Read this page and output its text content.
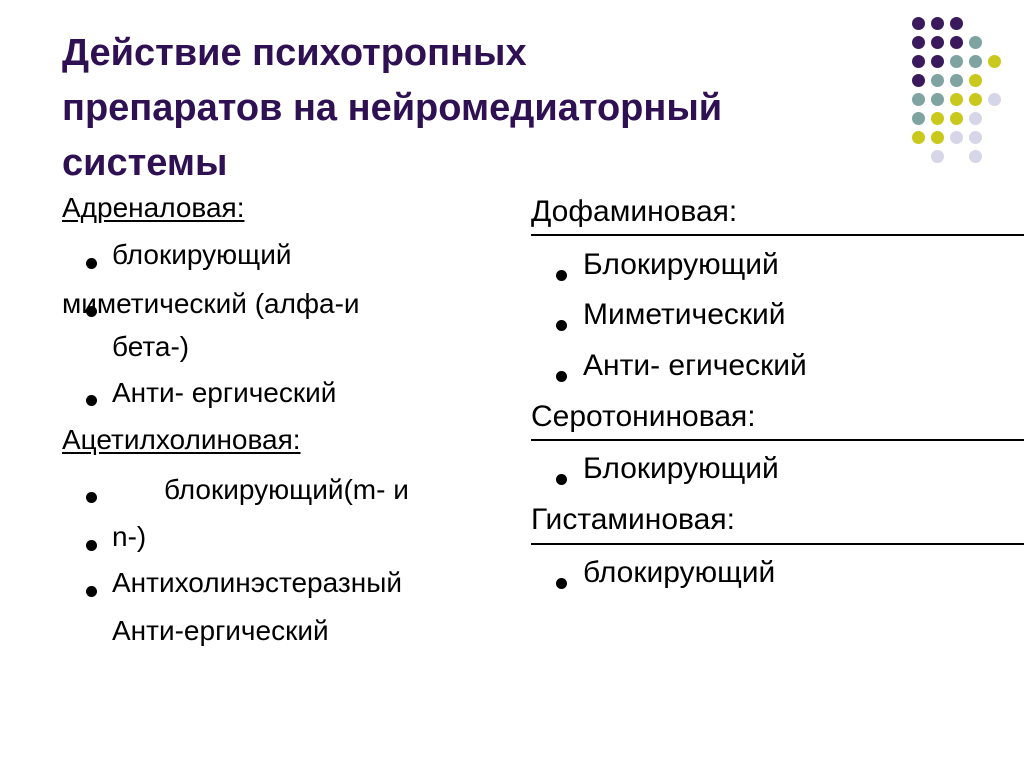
Действие психотропных
препаратов на нейромедиаторный
системы
Адреналовая:
блокирующий
миметический (алфа-и
бета-)
Анти- ергический
Ацетилхолиновая:
блокирующий(m- и
n-)
Антихолинэстеразный
Анти-ергический
Дофаминовая:
Блокирующий
Миметический
Анти- егический
Серотониновая:
Блокирующий
Гистаминовая:
блокирующий
